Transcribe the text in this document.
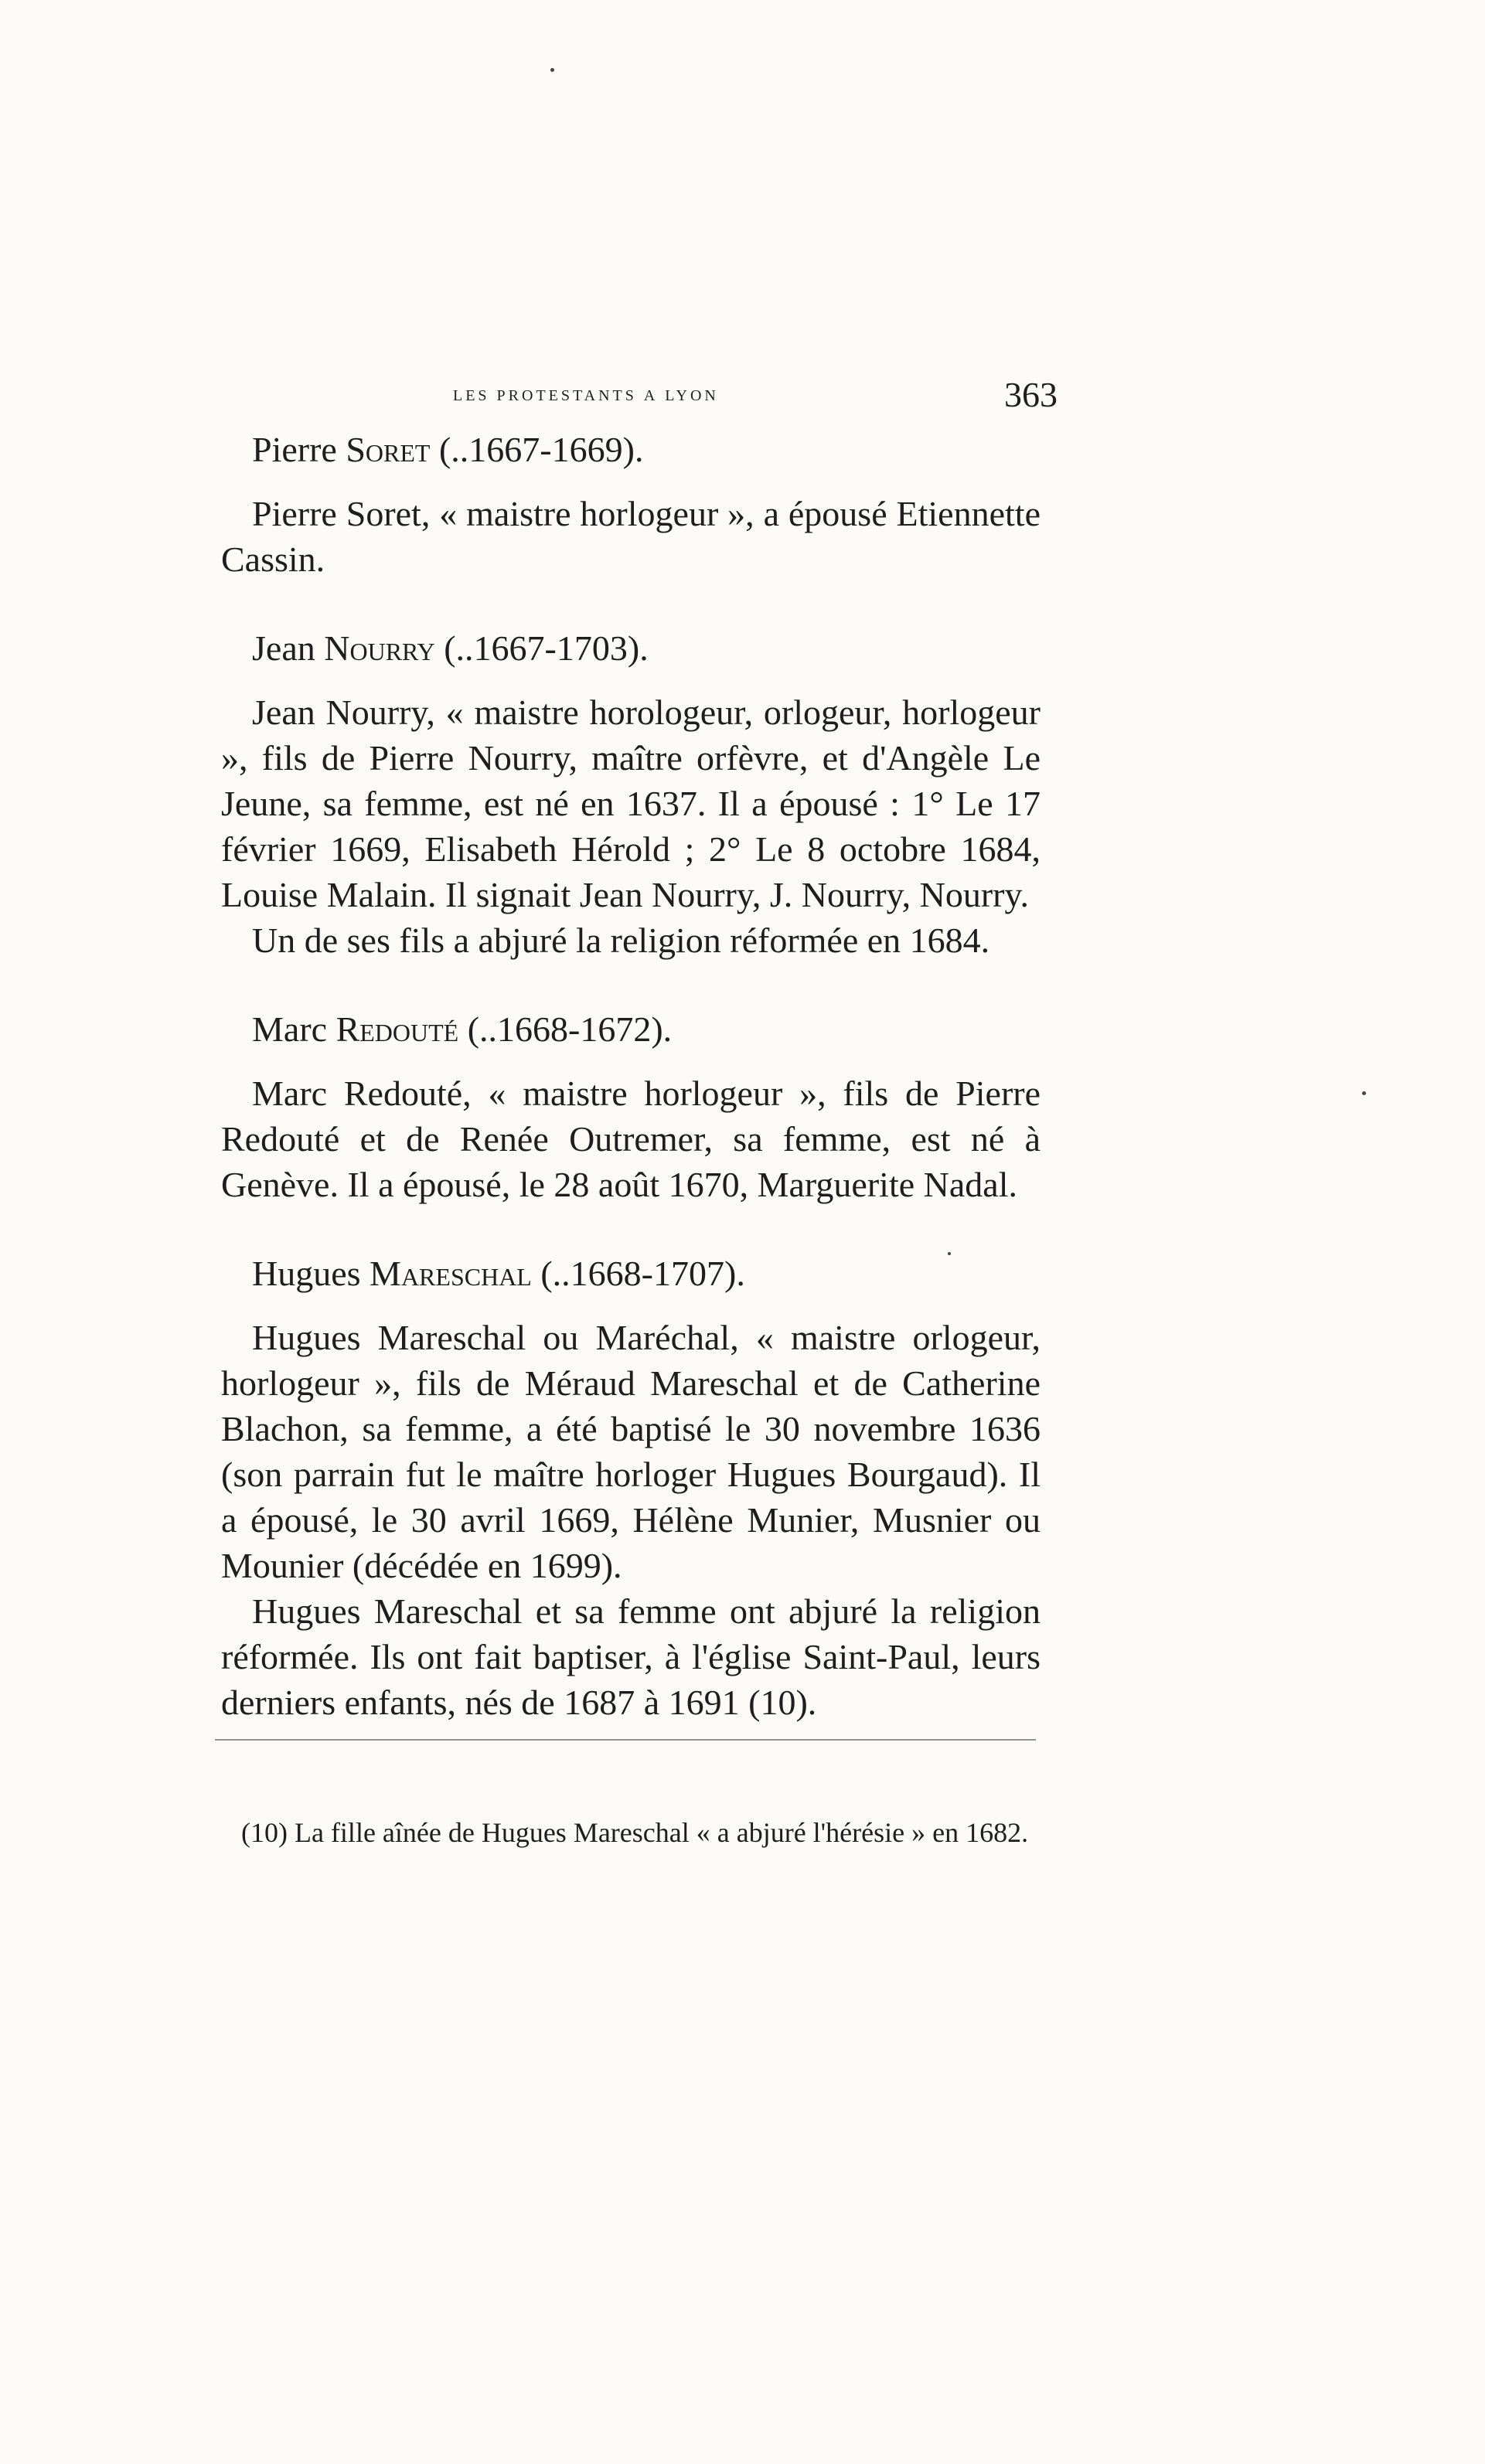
les protestants a lyon	363

Pierre Soret (..1667-1669).

Pierre Soret, « maistre horlogeur », a épousé Etiennette Cassin.

Jean Nourry (..1667-1703).

Jean Nourry, « maistre horologeur, orlogeur, horlogeur », fils de Pierre Nourry, maître orfèvre, et d'Angèle Le Jeune, sa femme, est né en 1637. Il a épousé : 1° Le 17 février 1669, Elisabeth Hérold ; 2° Le 8 octobre 1684, Louise Malain. Il signait Jean Nourry, J. Nourry, Nourry.

Un de ses fils a abjuré la religion réformée en 1684.

Marc Redouté (..1668-1672).

Marc Redouté, « maistre horlogeur », fils de Pierre Redouté et de Renée Outremer, sa femme, est né à Genève. Il a épousé, le 28 août 1670, Marguerite Nadal.

Hugues Mareschal (..1668-1707).

Hugues Mareschal ou Maréchal, « maistre orlogeur, horlogeur », fils de Méraud Mareschal et de Catherine Blachon, sa femme, a été baptisé le 30 novembre 1636 (son parrain fut le maître horloger Hugues Bourgaud). Il a épousé, le 30 avril 1669, Hélène Munier, Musnier ou Mounier (décédée en 1699).

Hugues Mareschal et sa femme ont abjuré la religion réformée. Ils ont fait baptiser, à l'église Saint-Paul, leurs derniers enfants, nés de 1687 à 1691 (10).

(10) La fille aînée de Hugues Mareschal « a abjuré l'hérésie » en 1682.
